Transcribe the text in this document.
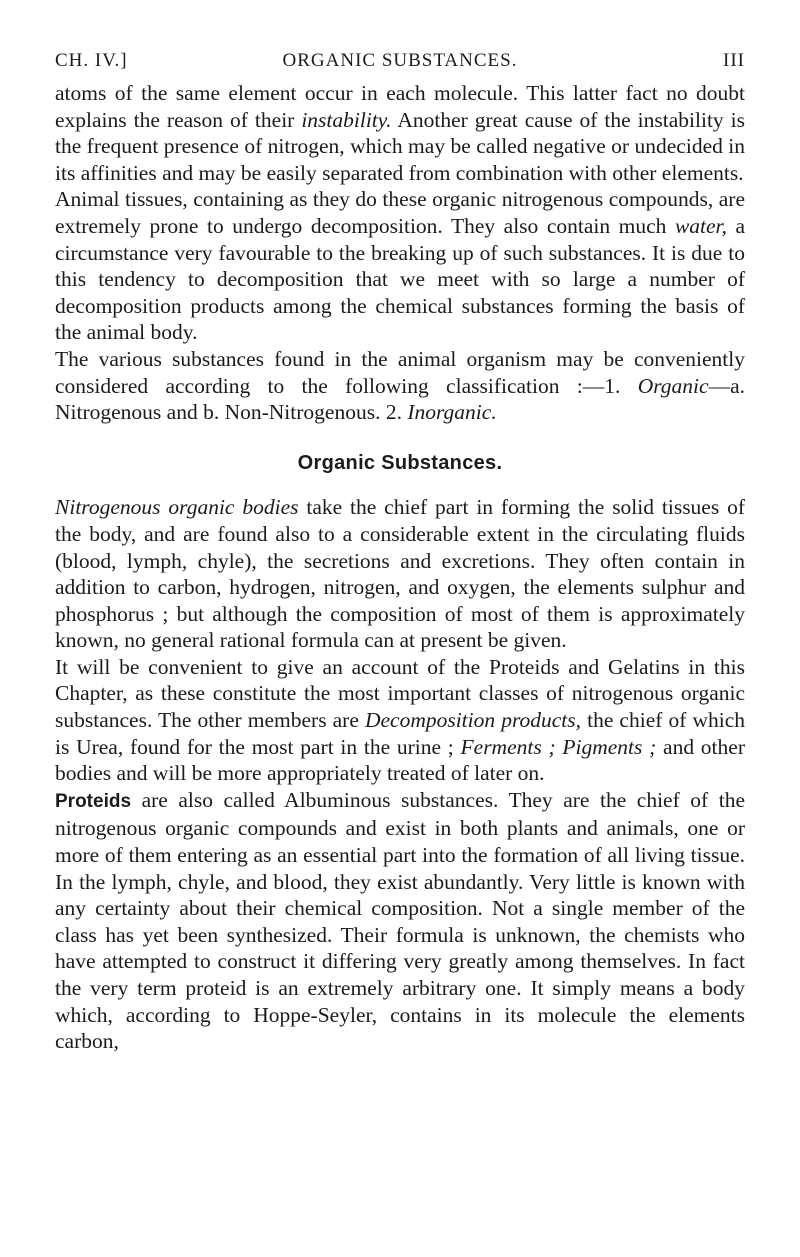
CH. IV.]	ORGANIC SUBSTANCES.	III

atoms of the same element occur in each molecule. This latter fact no doubt explains the reason of their instability. Another great cause of the instability is the frequent presence of nitrogen, which may be called negative or undecided in its affinities and may be easily separated from combination with other elements.

Animal tissues, containing as they do these organic nitrogenous compounds, are extremely prone to undergo decomposition. They also contain much water, a circumstance very favourable to the breaking up of such substances. It is due to this tendency to decomposition that we meet with so large a number of decomposition products among the chemical substances forming the basis of the animal body.

The various substances found in the animal organism may be conveniently considered according to the following classification :—1. Organic—a. Nitrogenous and b. Non-Nitrogenous. 2. Inorganic.

Organic Substances.

Nitrogenous organic bodies take the chief part in forming the solid tissues of the body, and are found also to a considerable extent in the circulating fluids (blood, lymph, chyle), the secretions and excretions. They often contain in addition to carbon, hydrogen, nitrogen, and oxygen, the elements sulphur and phosphorus ; but although the composition of most of them is approximately known, no general rational formula can at present be given.

It will be convenient to give an account of the Proteids and Gelatins in this Chapter, as these constitute the most important classes of nitrogenous organic substances. The other members are Decomposition products, the chief of which is Urea, found for the most part in the urine ; Ferments ; Pigments ; and other bodies and will be more appropriately treated of later on.

Proteids are also called Albuminous substances. They are the chief of the nitrogenous organic compounds and exist in both plants and animals, one or more of them entering as an essential part into the formation of all living tissue. In the lymph, chyle, and blood, they exist abundantly. Very little is known with any certainty about their chemical composition. Not a single member of the class has yet been synthesized. Their formula is unknown, the chemists who have attempted to construct it differing very greatly among themselves. In fact the very term proteid is an extremely arbitrary one. It simply means a body which, according to Hoppe-Seyler, contains in its molecule the elements carbon,
